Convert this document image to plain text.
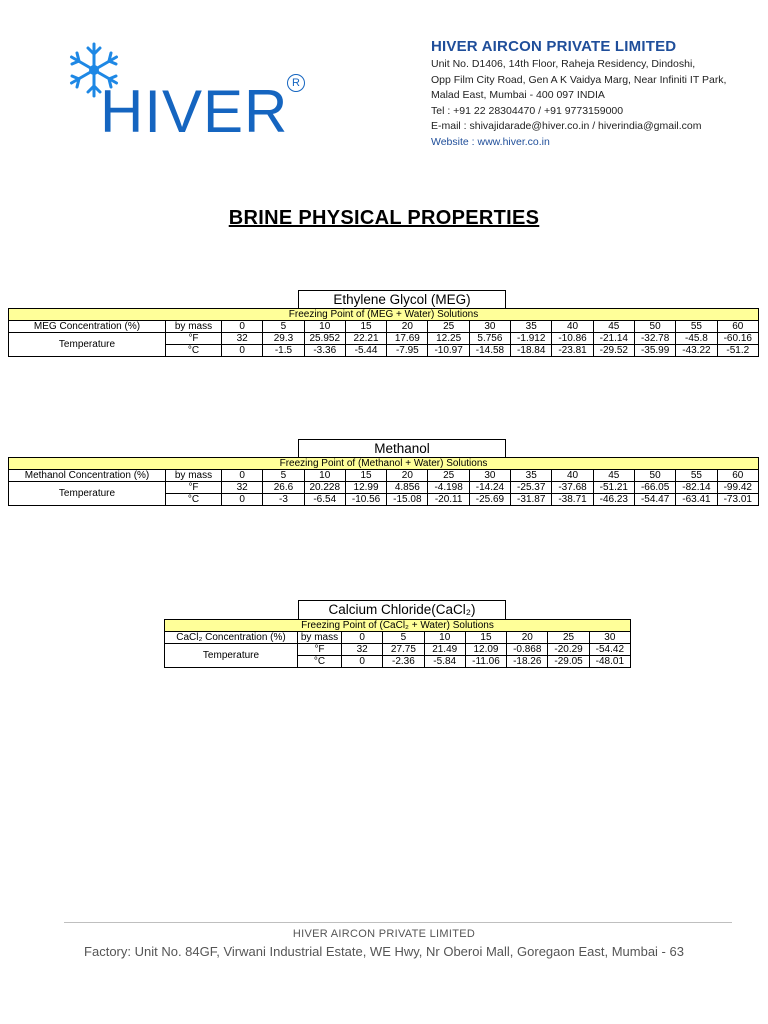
HIVER R
HIVER AIRCON PRIVATE LIMITED
Unit No. D1406, 14th Floor, Raheja Residency, Dindoshi,
Opp Film City Road, Gen A K Vaidya Marg, Near Infiniti IT Park,
Malad East, Mumbai - 400 097 INDIA
Tel : +91 22 28304470 / +91 9773159000
E-mail : shivajidarade@hiver.co.in / hiverindia@gmail.com
Website : www.hiver.co.in
BRINE PHYSICAL PROPERTIES
Ethylene Glycol (MEG)
Freezing Point of (MEG + Water) Solutions														
MEG Concentration (%)	by mass	0	5	10	15	20	25	30	35	40	45	50	55	60
Temperature	°F	32	29.3	25.952	22.21	17.69	12.25	5.756	-1.912	-10.86	-21.14	-32.78	-45.8	-60.16
	°C	0	-1.5	-3.36	-5.44	-7.95	-10.97	-14.58	-18.84	-23.81	-29.52	-35.99	-43.22	-51.2
Methanol
Freezing Point of (Methanol + Water) Solutions														
Methanol Concentration (%)	by mass	0	5	10	15	20	25	30	35	40	45	50	55	60
Temperature	°F	32	26.6	20.228	12.99	4.856	-4.198	-14.24	-25.37	-37.68	-51.21	-66.05	-82.14	-99.42
	°C	0	-3	-6.54	-10.56	-15.08	-20.11	-25.69	-31.87	-38.71	-46.23	-54.47	-63.41	-73.01
Calcium Chloride(CaCl₂)
Freezing Point of (CaCl₂ + Water) Solutions								
CaCl₂ Concentration (%)	by mass	0	5	10	15	20	25	30
Temperature	°F	32	27.75	21.49	12.09	-0.868	-20.29	-54.42
	°C	0	-2.36	-5.84	-11.06	-18.26	-29.05	-48.01
HIVER AIRCON PRIVATE LIMITED
Factory: Unit No. 84GF, Virwani Industrial Estate, WE Hwy, Nr Oberoi Mall, Goregaon East, Mumbai - 63
